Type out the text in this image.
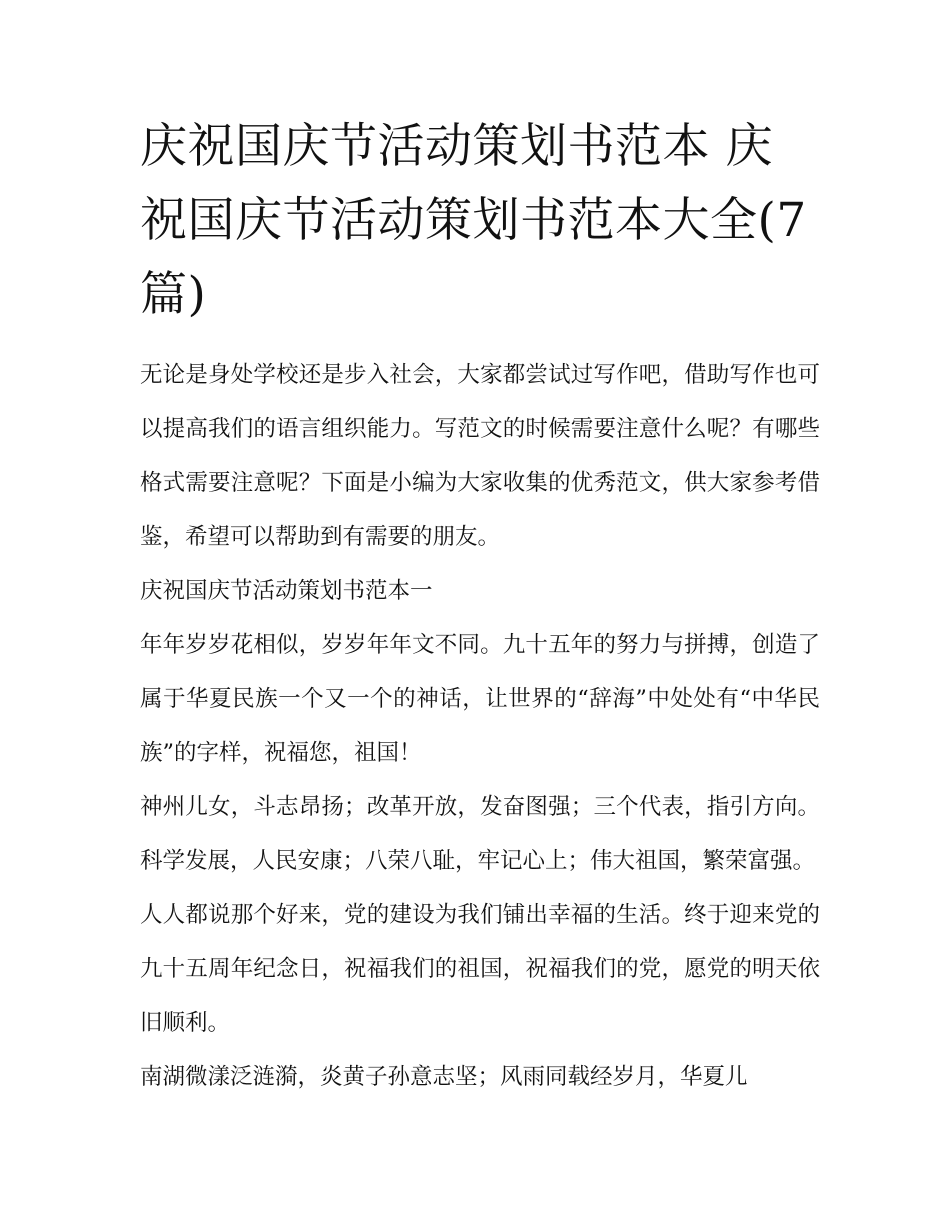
庆祝国庆节活动策划书范本 庆祝国庆节活动策划书范本大全(7篇)

无论是身处学校还是步入社会，大家都尝试过写作吧，借助写作也可以提高我们的语言组织能力。写范文的时候需要注意什么呢？有哪些格式需要注意呢？下面是小编为大家收集的优秀范文，供大家参考借鉴，希望可以帮助到有需要的朋友。

庆祝国庆节活动策划书范本一

年年岁岁花相似，岁岁年年文不同。九十五年的努力与拼搏，创造了属于华夏民族一个又一个的神话，让世界的“辞海”中处处有“中华民族”的字样，祝福您，祖国！

神州儿女，斗志昂扬；改革开放，发奋图强；三个代表，指引方向。科学发展，人民安康；八荣八耻，牢记心上；伟大祖国，繁荣富强。

人人都说那个好来，党的建设为我们铺出幸福的生活。终于迎来党的九十五周年纪念日，祝福我们的祖国，祝福我们的党，愿党的明天依旧顺利。

南湖微漾泛涟漪，炎黄子孙意志坚；风雨同载经岁月，华夏儿
